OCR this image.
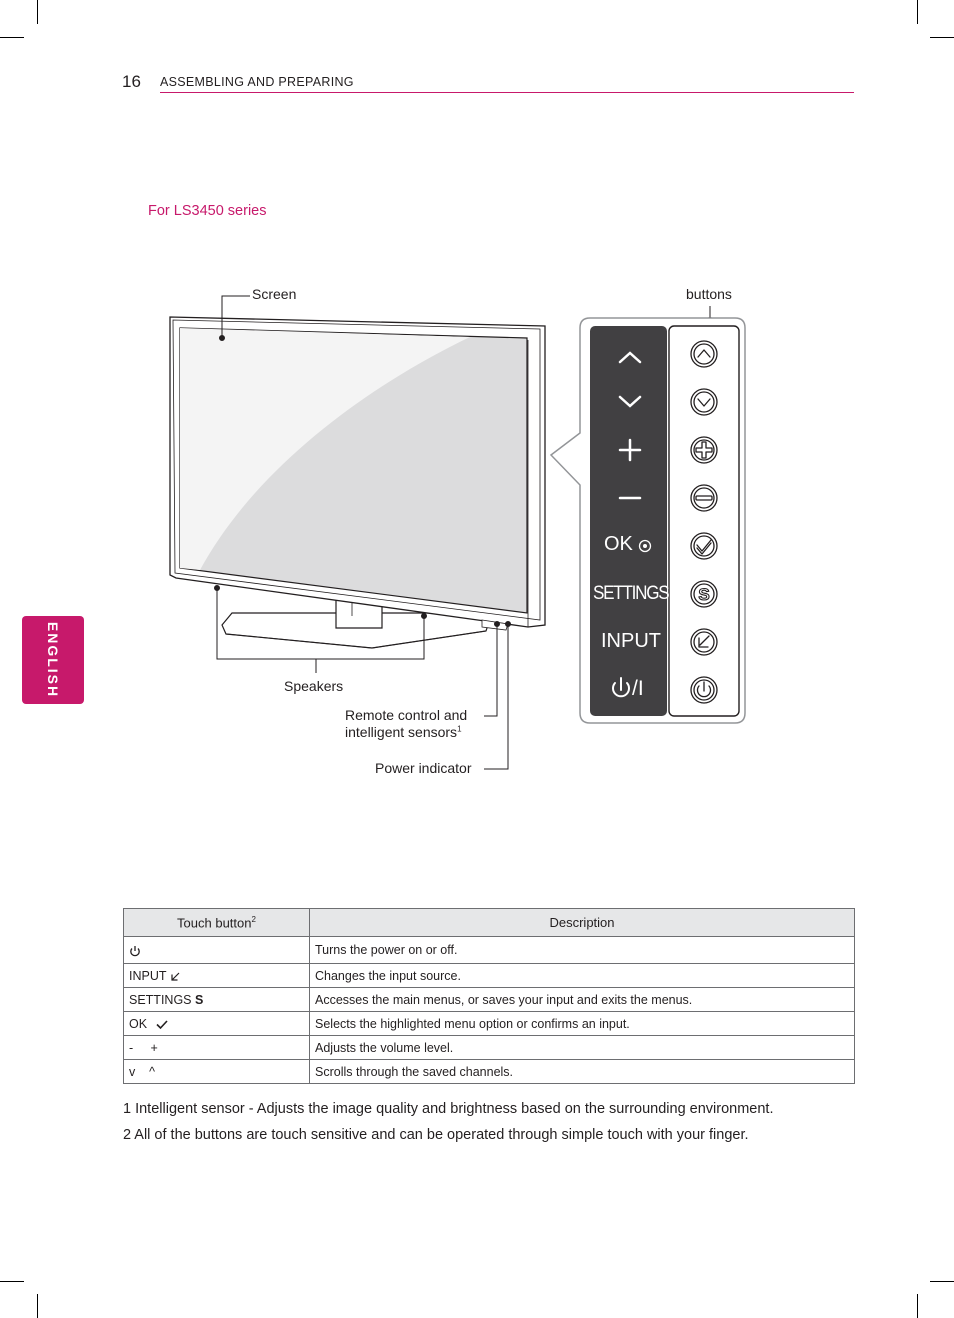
16 ASSEMBLING AND PREPARING
ENGLISH
For LS3450 series
S
OK
SETTINGS
INPUT
/I
Screen	buttons
Speakers
Remote control and
intelligent sensors$^1$
Power indicator
Touch button$^2$	Description
	Turns the power on or off.
INPUT	Changes the input source.
SETTINGS S	Accesses the main menus, or saves your input and exits the menus.
OK	Selects the highlighted menu option or confirms an input.
-     +	Adjusts the volume level.
v    ^	Scrolls through the saved channels.
1 Intelligent sensor - Adjusts the image quality and brightness based on the surrounding environment.
2 All of the buttons are touch sensitive and can be operated through simple touch with your finger.
